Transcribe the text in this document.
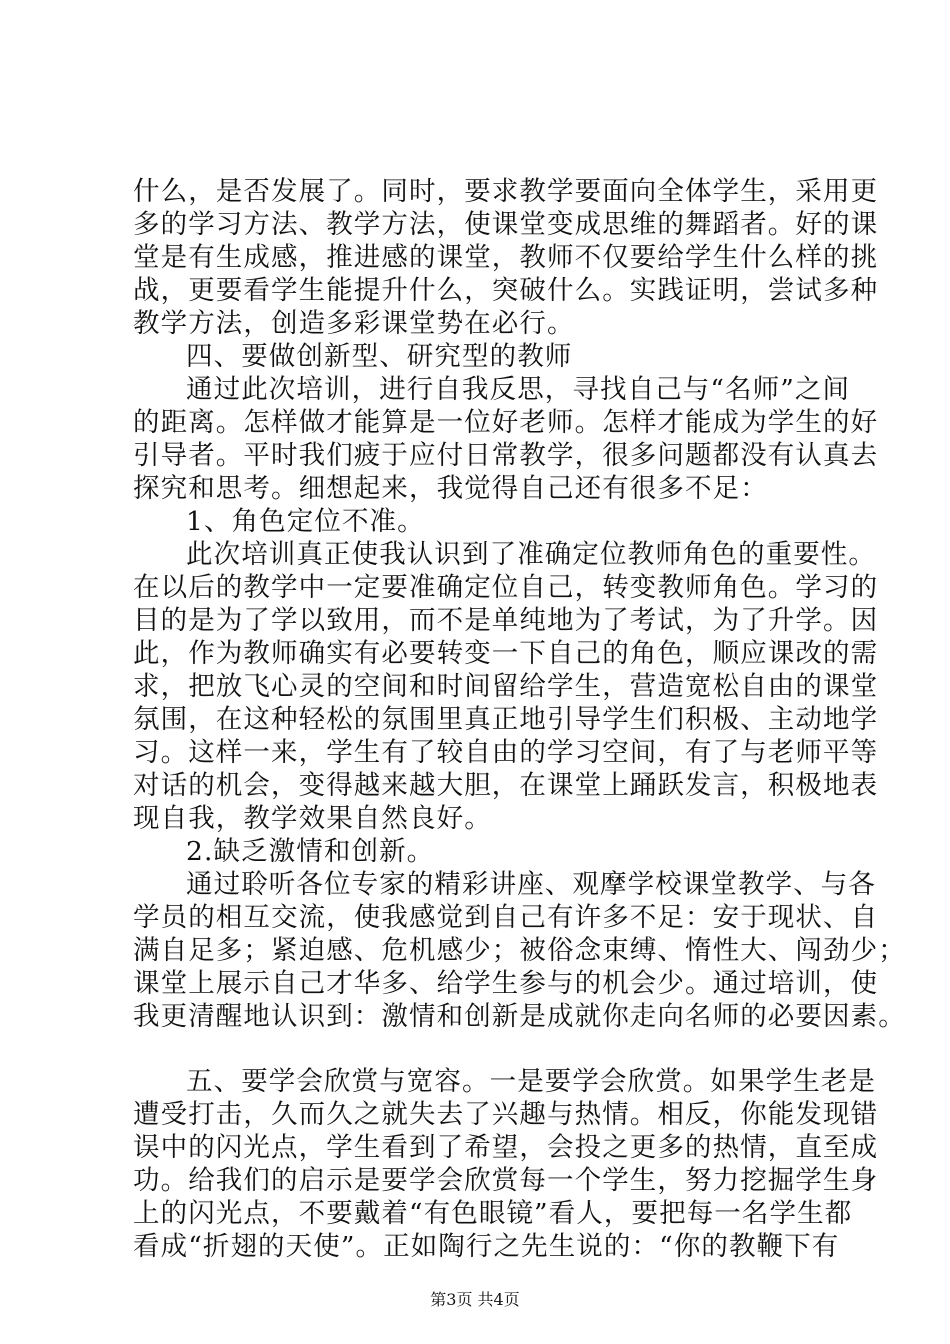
什么，是否发展了。同时，要求教学要面向全体学生，采用更
多的学习方法、教学方法，使课堂变成思维的舞蹈者。好的课
堂是有生成感，推进感的课堂，教师不仅要给学生什么样的挑
战，更要看学生能提升什么，突破什么。实践证明，尝试多种
教学方法，创造多彩课堂势在必行。
四、要做创新型、研究型的教师
通过此次培训，进行自我反思，寻找自己与“名师”之间
的距离。怎样做才能算是一位好老师。怎样才能成为学生的好
引导者。平时我们疲于应付日常教学，很多问题都没有认真去
探究和思考。细想起来，我觉得自己还有很多不足：
1、角色定位不准。
此次培训真正使我认识到了准确定位教师角色的重要性。
在以后的教学中一定要准确定位自己，转变教师角色。学习的
目的是为了学以致用，而不是单纯地为了考试，为了升学。因
此，作为教师确实有必要转变一下自己的角色，顺应课改的需
求，把放飞心灵的空间和时间留给学生，营造宽松自由的课堂
氛围，在这种轻松的氛围里真正地引导学生们积极、主动地学
习。这样一来，学生有了较自由的学习空间，有了与老师平等
对话的机会，变得越来越大胆，在课堂上踊跃发言，积极地表
现自我，教学效果自然良好。
2.缺乏激情和创新。
通过聆听各位专家的精彩讲座、观摩学校课堂教学、与各
学员的相互交流，使我感觉到自己有许多不足：安于现状、自
满自足多；紧迫感、危机感少；被俗念束缚、惰性大、闯劲少；
课堂上展示自己才华多、给学生参与的机会少。通过培训，使
我更清醒地认识到：激情和创新是成就你走向名师的必要因素。
五、要学会欣赏与宽容。一是要学会欣赏。如果学生老是
遭受打击，久而久之就失去了兴趣与热情。相反，你能发现错
误中的闪光点，学生看到了希望，会投之更多的热情，直至成
功。给我们的启示是要学会欣赏每一个学生，努力挖掘学生身
上的闪光点，不要戴着“有色眼镜”看人，要把每一名学生都
看成“折翅的天使”。正如陶行之先生说的：“你的教鞭下有
第3页 共4页
